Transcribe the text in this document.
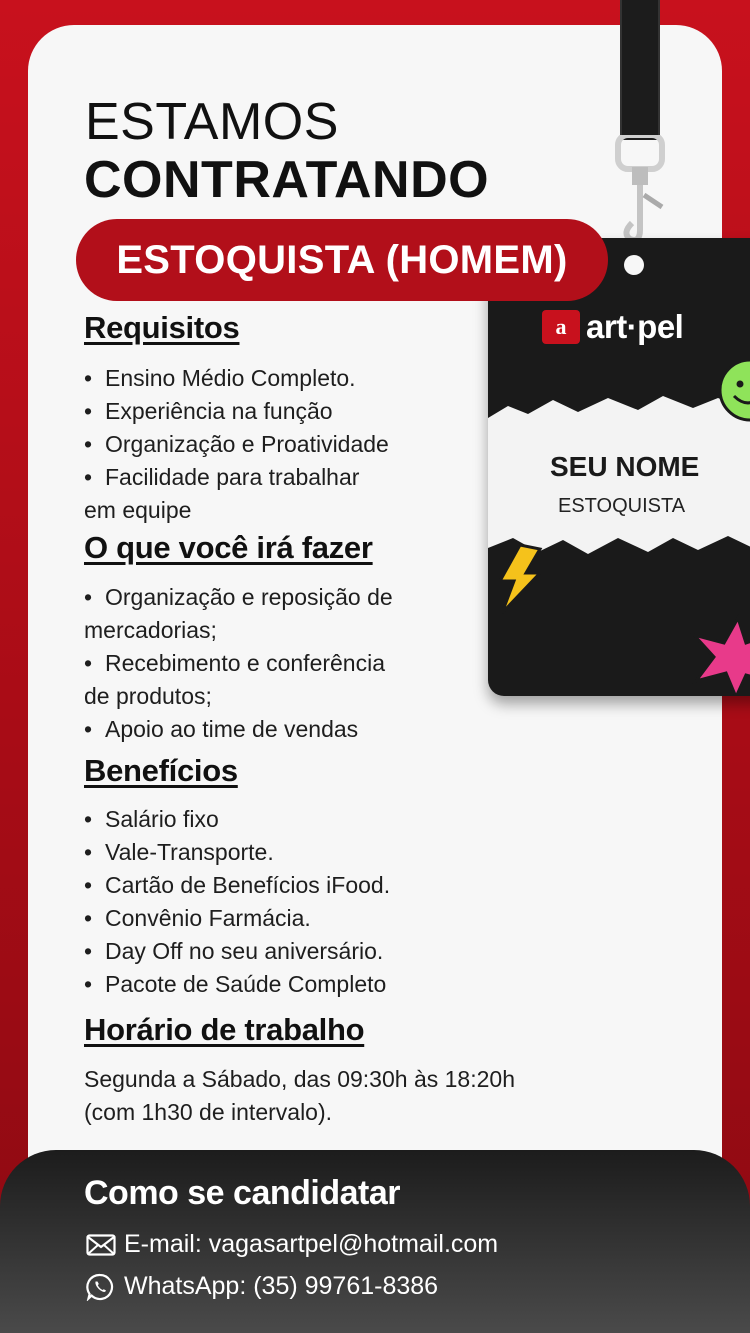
a art·pel
SEU NOME
ESTOQUISTA
ESTAMOS
CONTRATANDO
ESTOQUISTA (HOMEM)
Requisitos
• Ensino Médio Completo.
• Experiência na função
• Organização e Proatividade
• Facilidade para trabalhar
em equipe
O que você irá fazer
• Organização e reposição de
mercadorias;
• Recebimento e conferência
de produtos;
• Apoio ao time de vendas
Benefícios
• Salário fixo
• Vale-Transporte.
• Cartão de Benefícios iFood.
• Convênio Farmácia.
• Day Off no seu aniversário.
• Pacote de Saúde Completo
Horário de trabalho
Segunda a Sábado, das 09:30h às 18:20h
(com 1h30 de intervalo).
Como se candidatar
E-mail: vagasartpel@hotmail.com
WhatsApp: (35) 99761-8386
